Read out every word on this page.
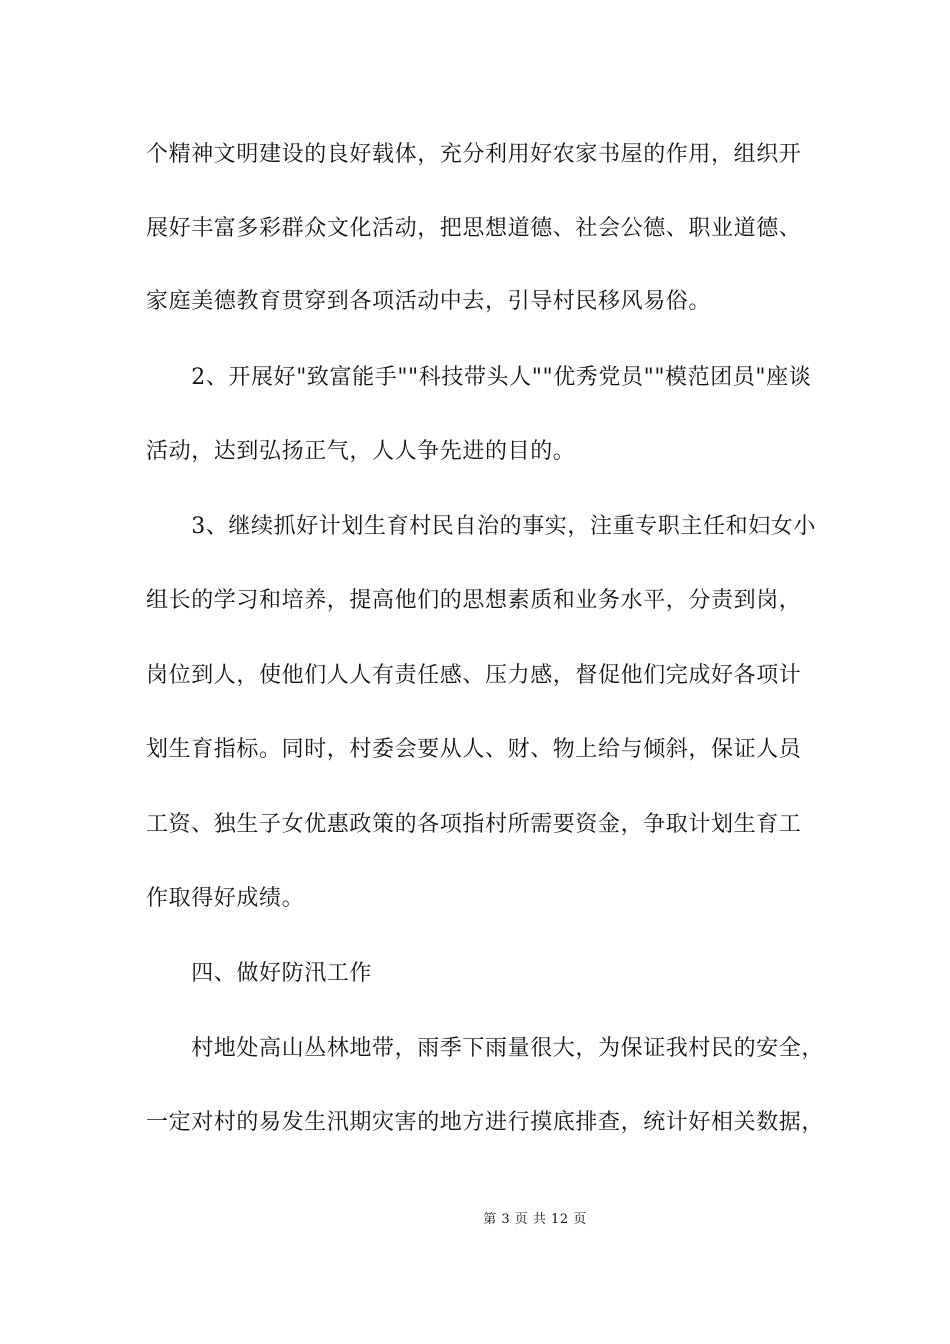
个精神文明建设的良好载体，充分利用好农家书屋的作用，组织开
展好丰富多彩群众文化活动，把思想道德、社会公德、职业道德、
家庭美德教育贯穿到各项活动中去，引导村民移风易俗。
　　2、开展好"致富能手""科技带头人""优秀党员""模范团员"座谈
活动，达到弘扬正气，人人争先进的目的。
　　3、继续抓好计划生育村民自治的事实，注重专职主任和妇女小
组长的学习和培养，提高他们的思想素质和业务水平，分责到岗，
岗位到人，使他们人人有责任感、压力感，督促他们完成好各项计
划生育指标。同时，村委会要从人、财、物上给与倾斜，保证人员
工资、独生子女优惠政策的各项指村所需要资金，争取计划生育工
作取得好成绩。
　　四、做好防汛工作
　　村地处高山丛林地带，雨季下雨量很大，为保证我村民的安全，
一定对村的易发生汛期灾害的地方进行摸底排查，统计好相关数据，
第 3 页 共 12 页
